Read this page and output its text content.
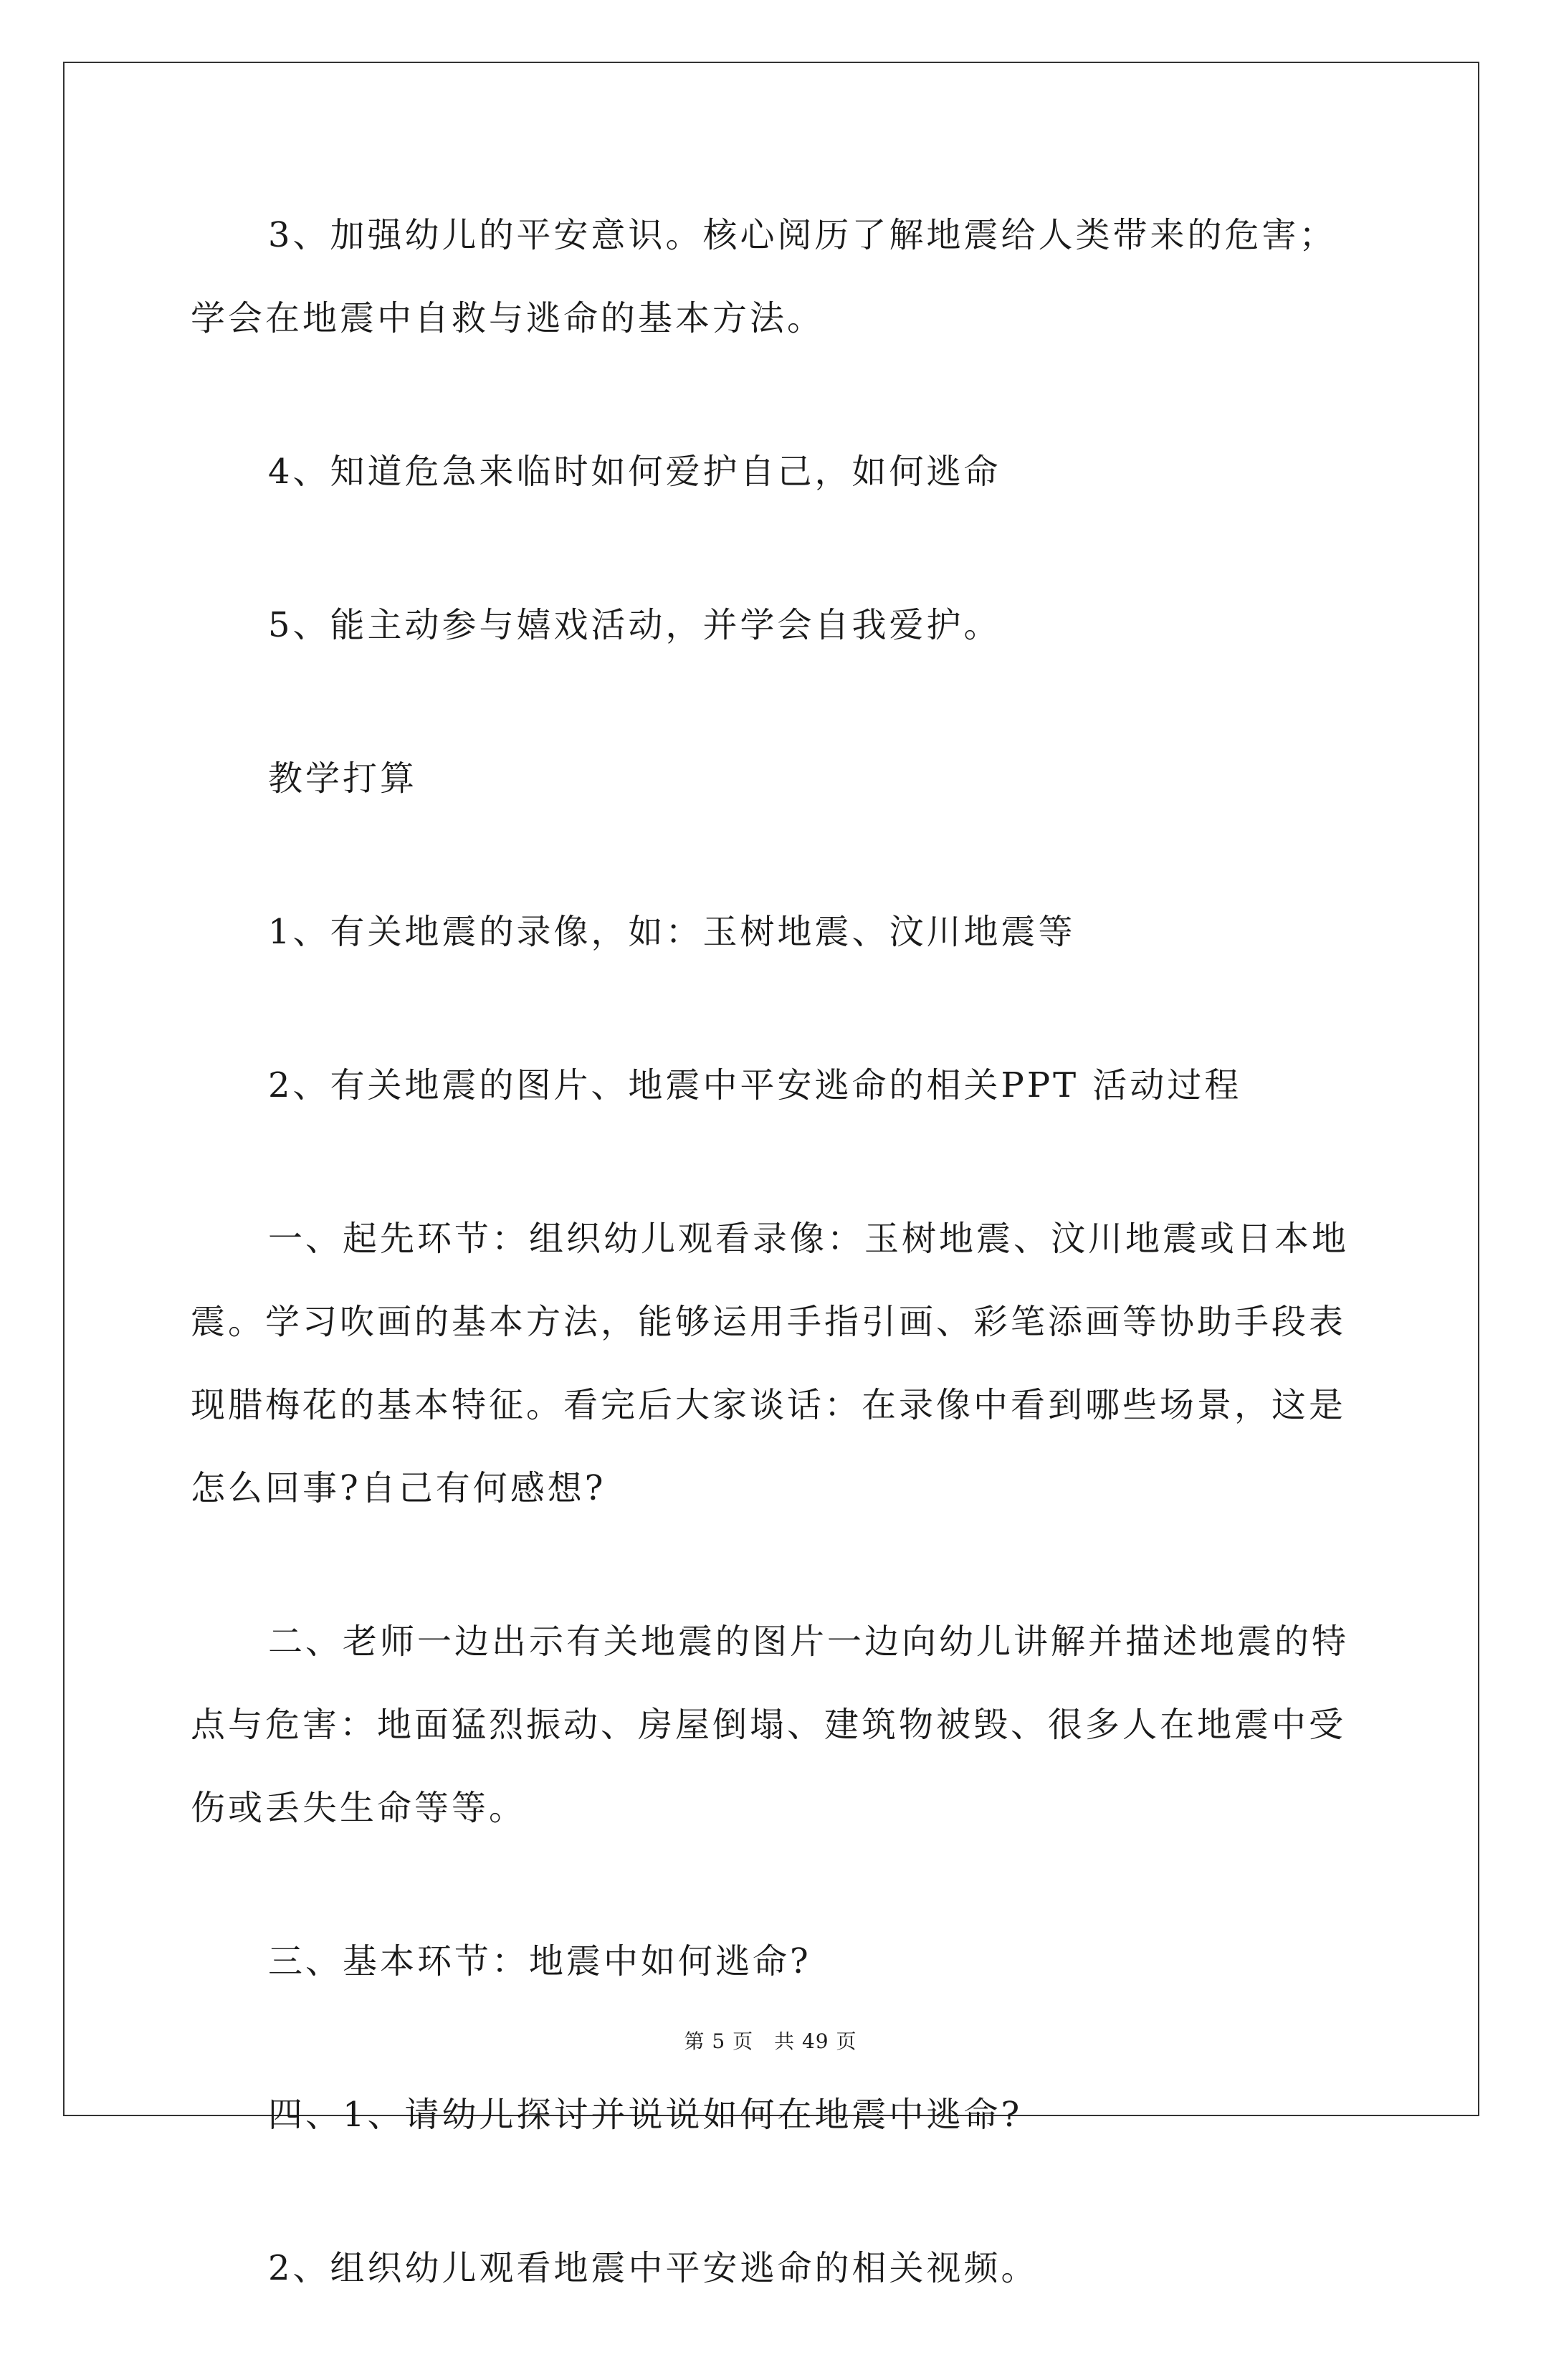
3、加强幼儿的平安意识。核心阅历了解地震给人类带来的危害；学会在地震中自救与逃命的基本方法。

4、知道危急来临时如何爱护自己，如何逃命

5、能主动参与嬉戏活动，并学会自我爱护。

教学打算

1、有关地震的录像，如：玉树地震、汶川地震等

2、有关地震的图片、地震中平安逃命的相关PPT 活动过程

一、起先环节：组织幼儿观看录像：玉树地震、汶川地震或日本地震。学习吹画的基本方法，能够运用手指引画、彩笔添画等协助手段表现腊梅花的基本特征。看完后大家谈话：在录像中看到哪些场景，这是怎么回事?自己有何感想?

二、老师一边出示有关地震的图片一边向幼儿讲解并描述地震的特点与危害：地面猛烈振动、房屋倒塌、建筑物被毁、很多人在地震中受伤或丢失生命等等。

三、基本环节：地震中如何逃命?

四、1、请幼儿探讨并说说如何在地震中逃命?

2、组织幼儿观看地震中平安逃命的相关视频。

第 5 页　共 49 页
